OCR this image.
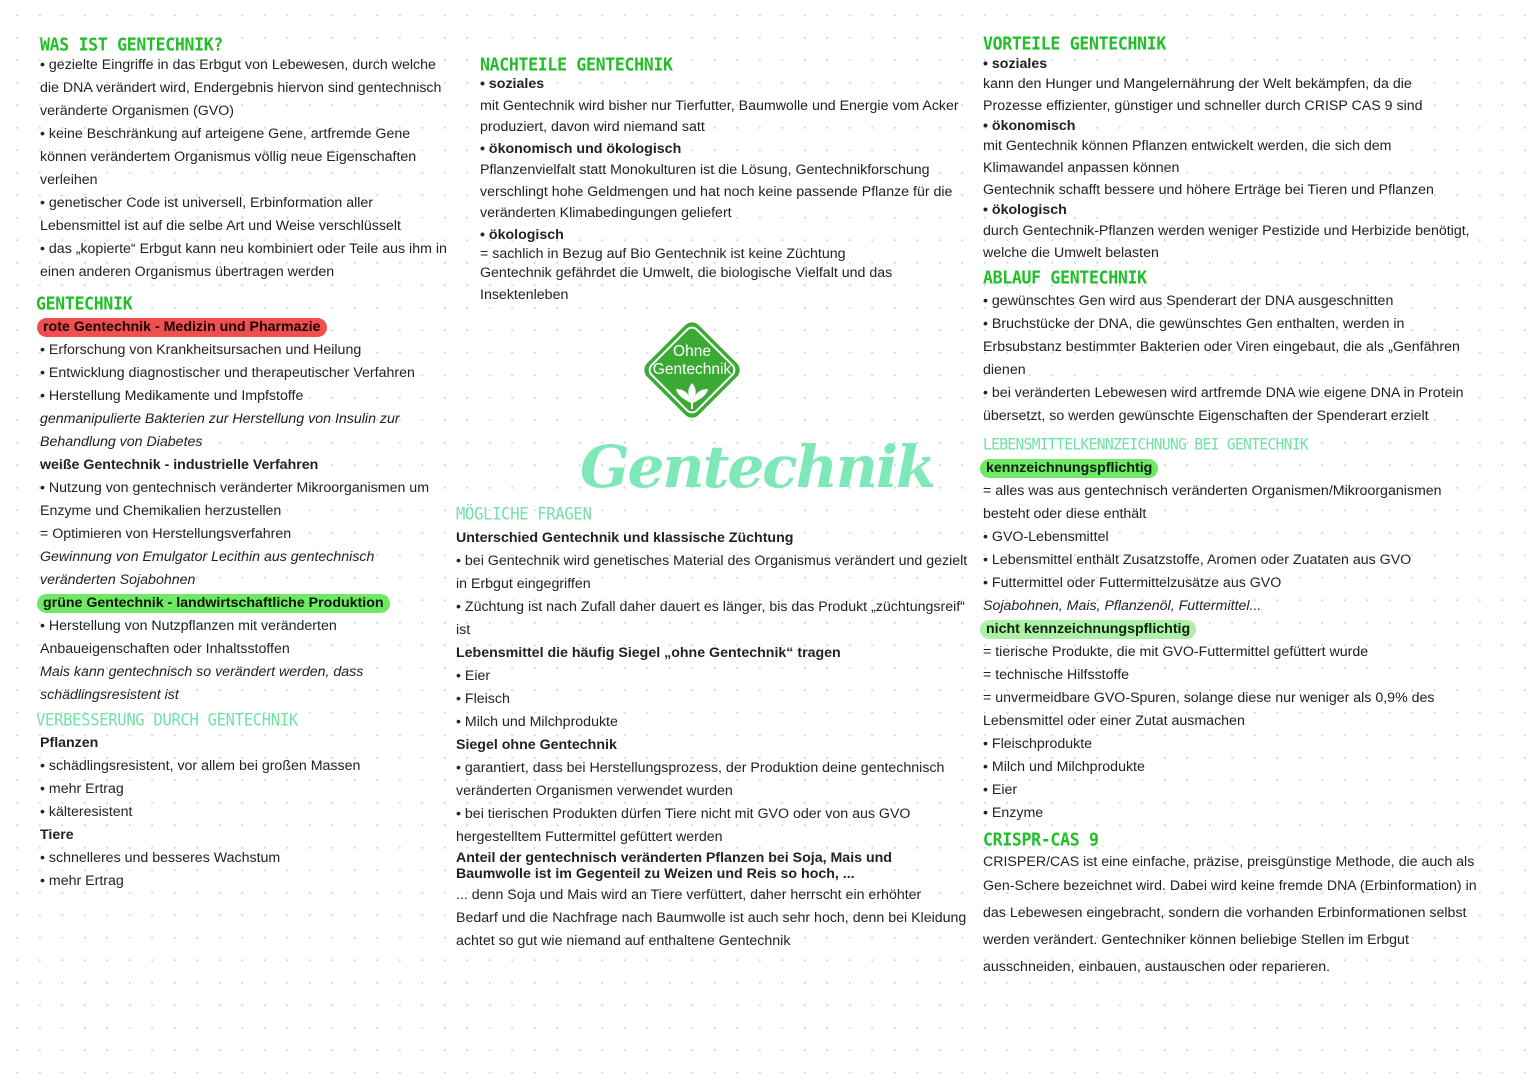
WAS IST GENTECHNIK?

• gezielte Eingriffe in das Erbgut von Lebewesen, durch welche

die DNA verändert wird, Endergebnis hiervon sind gentechnisch

veränderte Organismen (GVO)

• keine Beschränkung auf arteigene Gene, artfremde Gene

können verändertem Organismus völlig neue Eigenschaften

verleihen

• genetischer Code ist universell, Erbinformation aller

Lebensmittel ist auf die selbe Art und Weise verschlüsselt

• das „kopierte“ Erbgut kann neu kombiniert oder Teile aus ihm in

einen anderen Organismus übertragen werden

GENTECHNIK

rote Gentechnik - Medizin und Pharmazie

• Erforschung von Krankheitsursachen und Heilung

• Entwicklung diagnostischer und therapeutischer Verfahren

• Herstellung Medikamente und Impfstoffe

genmanipulierte Bakterien zur Herstellung von Insulin zur

Behandlung von Diabetes

weiße Gentechnik - industrielle Verfahren

• Nutzung von gentechnisch veränderter Mikroorganismen um

Enzyme und Chemikalien herzustellen

= Optimieren von Herstellungsverfahren

Gewinnung von Emulgator Lecithin aus gentechnisch

veränderten Sojabohnen

grüne Gentechnik - landwirtschaftliche Produktion

• Herstellung von Nutzpflanzen mit veränderten

Anbaueigenschaften oder Inhaltsstoffen

Mais kann gentechnisch so verändert werden, dass

schädlingsresistent ist

VERBESSERUNG DURCH GENTECHNIK

Pflanzen

• schädlingsresistent, vor allem bei großen Massen

• mehr Ertrag

• kälteresistent

Tiere

• schnelleres und besseres Wachstum

• mehr Ertrag

NACHTEILE GENTECHNIK

• soziales

mit Gentechnik wird bisher nur Tierfutter, Baumwolle und Energie vom Acker

produziert, davon wird niemand satt

• ökonomisch und ökologisch

Pflanzenvielfalt statt Monokulturen ist die Lösung, Gentechnikforschung

verschlingt hohe Geldmengen und hat noch keine passende Pflanze für die

veränderten Klimabedingungen geliefert

• ökologisch

= sachlich in Bezug auf Bio Gentechnik ist keine Züchtung

Gentechnik gefährdet die Umwelt, die biologische Vielfalt und das

Insektenleben

Ohne
Gentechnik
Gentechnik

MÖGLICHE FRAGEN

Unterschied Gentechnik und klassische Züchtung

• bei Gentechnik wird genetisches Material des Organismus verändert und gezielt

in Erbgut eingegriffen

• Züchtung ist nach Zufall daher dauert es länger, bis das Produkt „züchtungsreif“

ist

Lebensmittel die häufig Siegel „ohne Gentechnik“ tragen

• Eier

• Fleisch

• Milch und Milchprodukte

Siegel ohne Gentechnik

• garantiert, dass bei Herstellungsprozess, der Produktion deine gentechnisch

veränderten Organismen verwendet wurden

• bei tierischen Produkten dürfen Tiere nicht mit GVO oder von aus GVO

hergestelltem Futtermittel gefüttert werden

Anteil der gentechnisch veränderten Pflanzen bei Soja, Mais und

Baumwolle ist im Gegenteil zu Weizen und Reis so hoch, ...

... denn Soja und Mais wird an Tiere verfüttert, daher herrscht ein erhöhter

Bedarf und die Nachfrage nach Baumwolle ist auch sehr hoch, denn bei Kleidung

achtet so gut wie niemand auf enthaltene Gentechnik

VORTEILE GENTECHNIK

• soziales

kann den Hunger und Mangelernährung der Welt bekämpfen, da die

Prozesse effizienter, günstiger und schneller durch CRISP CAS 9 sind

• ökonomisch

mit Gentechnik können Pflanzen entwickelt werden, die sich dem

Klimawandel anpassen können

Gentechnik schafft bessere und höhere Erträge bei Tieren und Pflanzen

• ökologisch

durch Gentechnik-Pflanzen werden weniger Pestizide und Herbizide benötigt,

welche die Umwelt belasten

ABLAUF GENTECHNIK

• gewünschtes Gen wird aus Spenderart der DNA ausgeschnitten

• Bruchstücke der DNA, die gewünschtes Gen enthalten, werden in

Erbsubstanz bestimmter Bakterien oder Viren eingebaut, die als „Genfähren

dienen

• bei veränderten Lebewesen wird artfremde DNA wie eigene DNA in Protein

übersetzt, so werden gewünschte Eigenschaften der Spenderart erzielt

LEBENSMITTELKENNZEICHNUNG BEI GENTECHNIK

kennzeichnungspflichtig

= alles was aus gentechnisch veränderten Organismen/Mikroorganismen

besteht oder diese enthält

• GVO-Lebensmittel

• Lebensmittel enthält Zusatzstoffe, Aromen oder Zuataten aus GVO

• Futtermittel oder Futtermittelzusätze aus GVO

Sojabohnen, Mais, Pflanzenöl, Futtermittel...

nicht kennzeichnungspflichtig

= tierische Produkte, die mit GVO-Futtermittel gefüttert wurde

= technische Hilfsstoffe

= unvermeidbare GVO-Spuren, solange diese nur weniger als 0,9% des

Lebensmittel oder einer Zutat ausmachen

• Fleischprodukte

• Milch und Milchprodukte

• Eier

• Enzyme

CRISPR-CAS 9

CRISPER/CAS ist eine einfache, präzise, preisgünstige Methode, die auch als

Gen-Schere bezeichnet wird. Dabei wird keine fremde DNA (Erbinformation) in

das Lebewesen eingebracht, sondern die vorhanden Erbinformationen selbst

werden verändert. Gentechniker können beliebige Stellen im Erbgut

ausschneiden, einbauen, austauschen oder reparieren.
